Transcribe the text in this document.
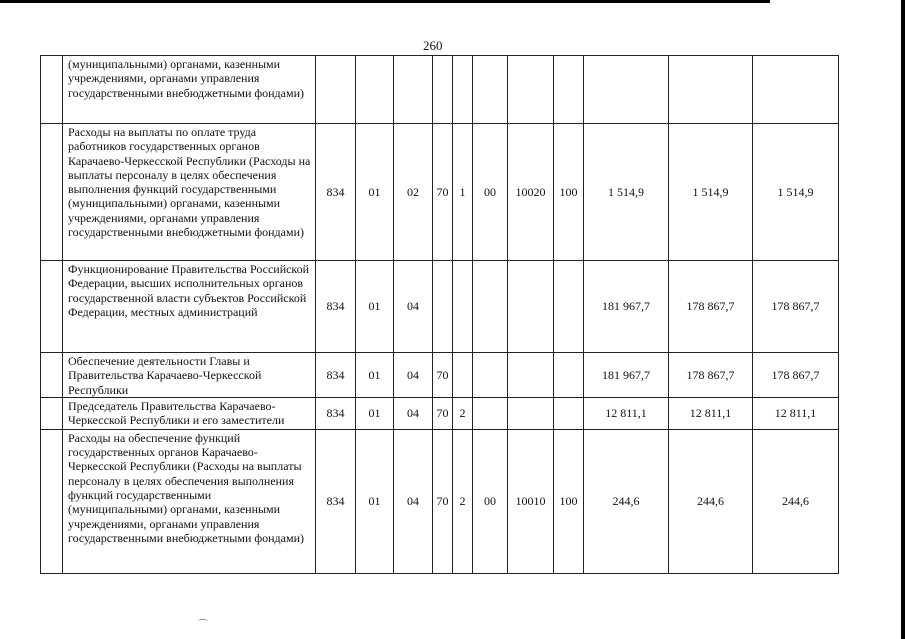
260
	(муниципальными) органами, казенными учреждениями, органами управления государственными внебюджетными фондами)											
	Расходы на выплаты по оплате труда работников государственных органов Карачаево-Черкесской Республики (Расходы на выплаты персоналу в целях обеспечения выполнения функций государственными (муниципальными) органами, казенными учреждениями, органами управления государственными внебюджетными фондами)	834	01	02	70	1	00	10020	100	1 514,9	1 514,9	1 514,9
	Функционирование Правительства Российской Федерации, высших исполнительных органов государственной власти субъектов Российской Федерации, местных администраций	834	01	04						181 967,7	178 867,7	178 867,7
	Обеспечение деятельности Главы и Правительства Карачаево-Черкесской Республики	834	01	04	70					181 967,7	178 867,7	178 867,7
	Председатель Правительства Карачаево-Черкесской Республики и его заместители	834	01	04	70	2				12 811,1	12 811,1	12 811,1
	Расходы на обеспечение функций государственных органов Карачаево-Черкесской Республики (Расходы на выплаты персоналу в целях обеспечения выполнения функций государственными (муниципальными) органами, казенными учреждениями, органами управления государственными внебюджетными фондами)	834	01	04	70	2	00	10010	100	244,6	244,6	244,6
⌒
